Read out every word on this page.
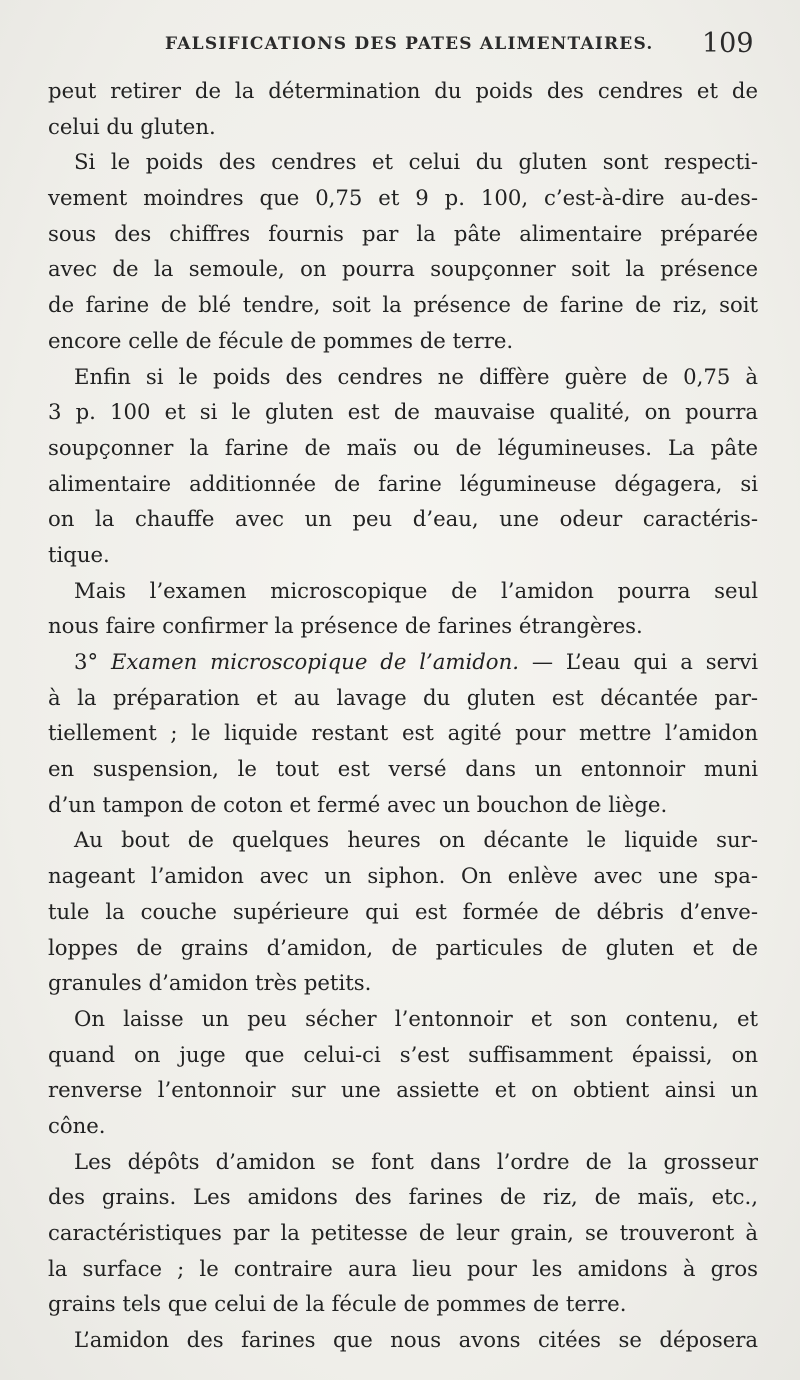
FALSIFICATIONS DES PATES ALIMENTAIRES. 109
peut retirer de la détermination du poids des cendres et de
celui du gluten.
Si le poids des cendres et celui du gluten sont respecti-
vement moindres que 0,75 et 9 p. 100, c’est-à-dire au-des-
sous des chiffres fournis par la pâte alimentaire préparée
avec de la semoule, on pourra soupçonner soit la présence
de farine de blé tendre, soit la présence de farine de riz, soit
encore celle de fécule de pommes de terre.
Enfin si le poids des cendres ne diffère guère de 0,75 à
3 p. 100 et si le gluten est de mauvaise qualité, on pourra
soupçonner la farine de maïs ou de légumineuses. La pâte
alimentaire additionnée de farine légumineuse dégagera, si
on la chauffe avec un peu d’eau, une odeur caractéris-
tique.
Mais l’examen microscopique de l’amidon pourra seul
nous faire confirmer la présence de farines étrangères.
3° Examen microscopique de l’amidon. — L’eau qui a servi
à la préparation et au lavage du gluten est décantée par-
tiellement ; le liquide restant est agité pour mettre l’amidon
en suspension, le tout est versé dans un entonnoir muni
d’un tampon de coton et fermé avec un bouchon de liège.
Au bout de quelques heures on décante le liquide sur-
nageant l’amidon avec un siphon. On enlève avec une spa-
tule la couche supérieure qui est formée de débris d’enve-
loppes de grains d’amidon, de particules de gluten et de
granules d’amidon très petits.
On laisse un peu sécher l’entonnoir et son contenu, et
quand on juge que celui-ci s’est suffisamment épaissi, on
renverse l’entonnoir sur une assiette et on obtient ainsi un
cône.
Les dépôts d’amidon se font dans l’ordre de la grosseur
des grains. Les amidons des farines de riz, de maïs, etc.,
caractéristiques par la petitesse de leur grain, se trouveront à
la surface ; le contraire aura lieu pour les amidons à gros
grains tels que celui de la fécule de pommes de terre.
L’amidon des farines que nous avons citées se déposera
